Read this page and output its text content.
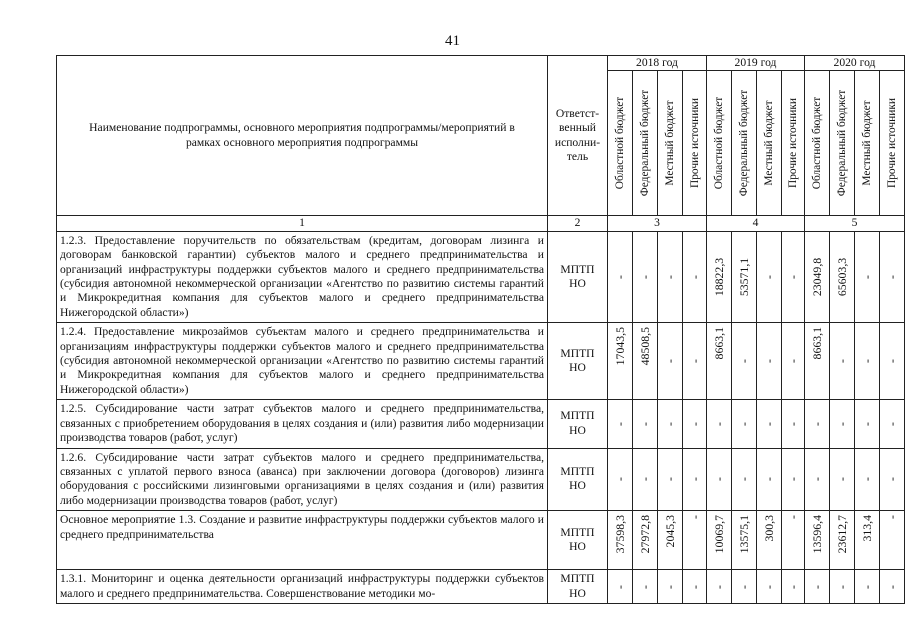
41
Наименование подпрограммы, основного мероприятия подпрограммы/мероприятий в рамках основного мероприятия подпрограммы	Ответст-
венный
исполни-
тель	2018 год				2019 год				2020 год			

		Областной бюджет	Федеральный бюджет	Местный бюджет	Прочие источники	Областной бюджет	Федеральный бюджет	Местный бюджет	Прочие источники	Областной бюджет	Федеральный бюджет	Местный бюджет	Прочие источники

1	2	3				4				5			
1.2.3. Предоставление поручительств по обязательствам (кредитам, договорам лизинга и договорам банковской гарантии) субъектов малого и среднего предпринимательства и организаций инфраструктуры поддержки субъектов малого и среднего предпринимательства (субсидия автономной некоммерческой организации «Агентство по развитию системы гарантий и Микрокредитная компания для субъектов малого и среднего предпринимательства Нижегородской области»)	МПТП
НО	-	-	-	-	18822,3	53571,1	-	-	23049,8	65603,3	-	-

1.2.4. Предоставление микрозаймов субъектам малого и среднего предпринимательства и организациям инфраструктуры поддержки субъектов малого и среднего предпринимательства (субсидия автономной некоммерческой организации «Агентство по развитию системы гарантий и Микрокредитная компания для субъектов малого и среднего предпринимательства Нижегородской области»)	МПТП
НО	17043,5	48508,5	-	-	8663,1	-	-	-	8663,1	-	-	-

1.2.5. Субсидирование части затрат субъектов малого и среднего предпринимательства, связанных с приобретением оборудования в целях создания и (или) развития либо модернизации производства товаров (работ, услуг)	МПТП
НО	-	-	-	-	-	-	-	-	-	-	-	-

1.2.6. Субсидирование части затрат субъектов малого и среднего предпринимательства, связанных с уплатой первого взноса (аванса) при заключении договора (договоров) лизинга оборудования с российскими лизинговыми организациями в целях создания и (или) развития либо модернизации производства товаров (работ, услуг)	МПТП
НО	-	-	-	-	-	-	-	-	-	-	-	-

Основное мероприятие 1.3. Создание и развитие инфраструктуры поддержки субъектов малого и среднего предпринимательства	МПТП
НО	37598,3	27972,8	2045,3	-	10069,7	13575,1	300,3	-	13596,4	23612,7	313,4	-

1.3.1. Мониторинг и оценка деятельности организаций инфраструктуры поддержки субъектов малого и среднего предпринимательства. Совершенствование методики мо-	МПТП
НО	-	-	-	-	-	-	-	-	-	-	-	-
